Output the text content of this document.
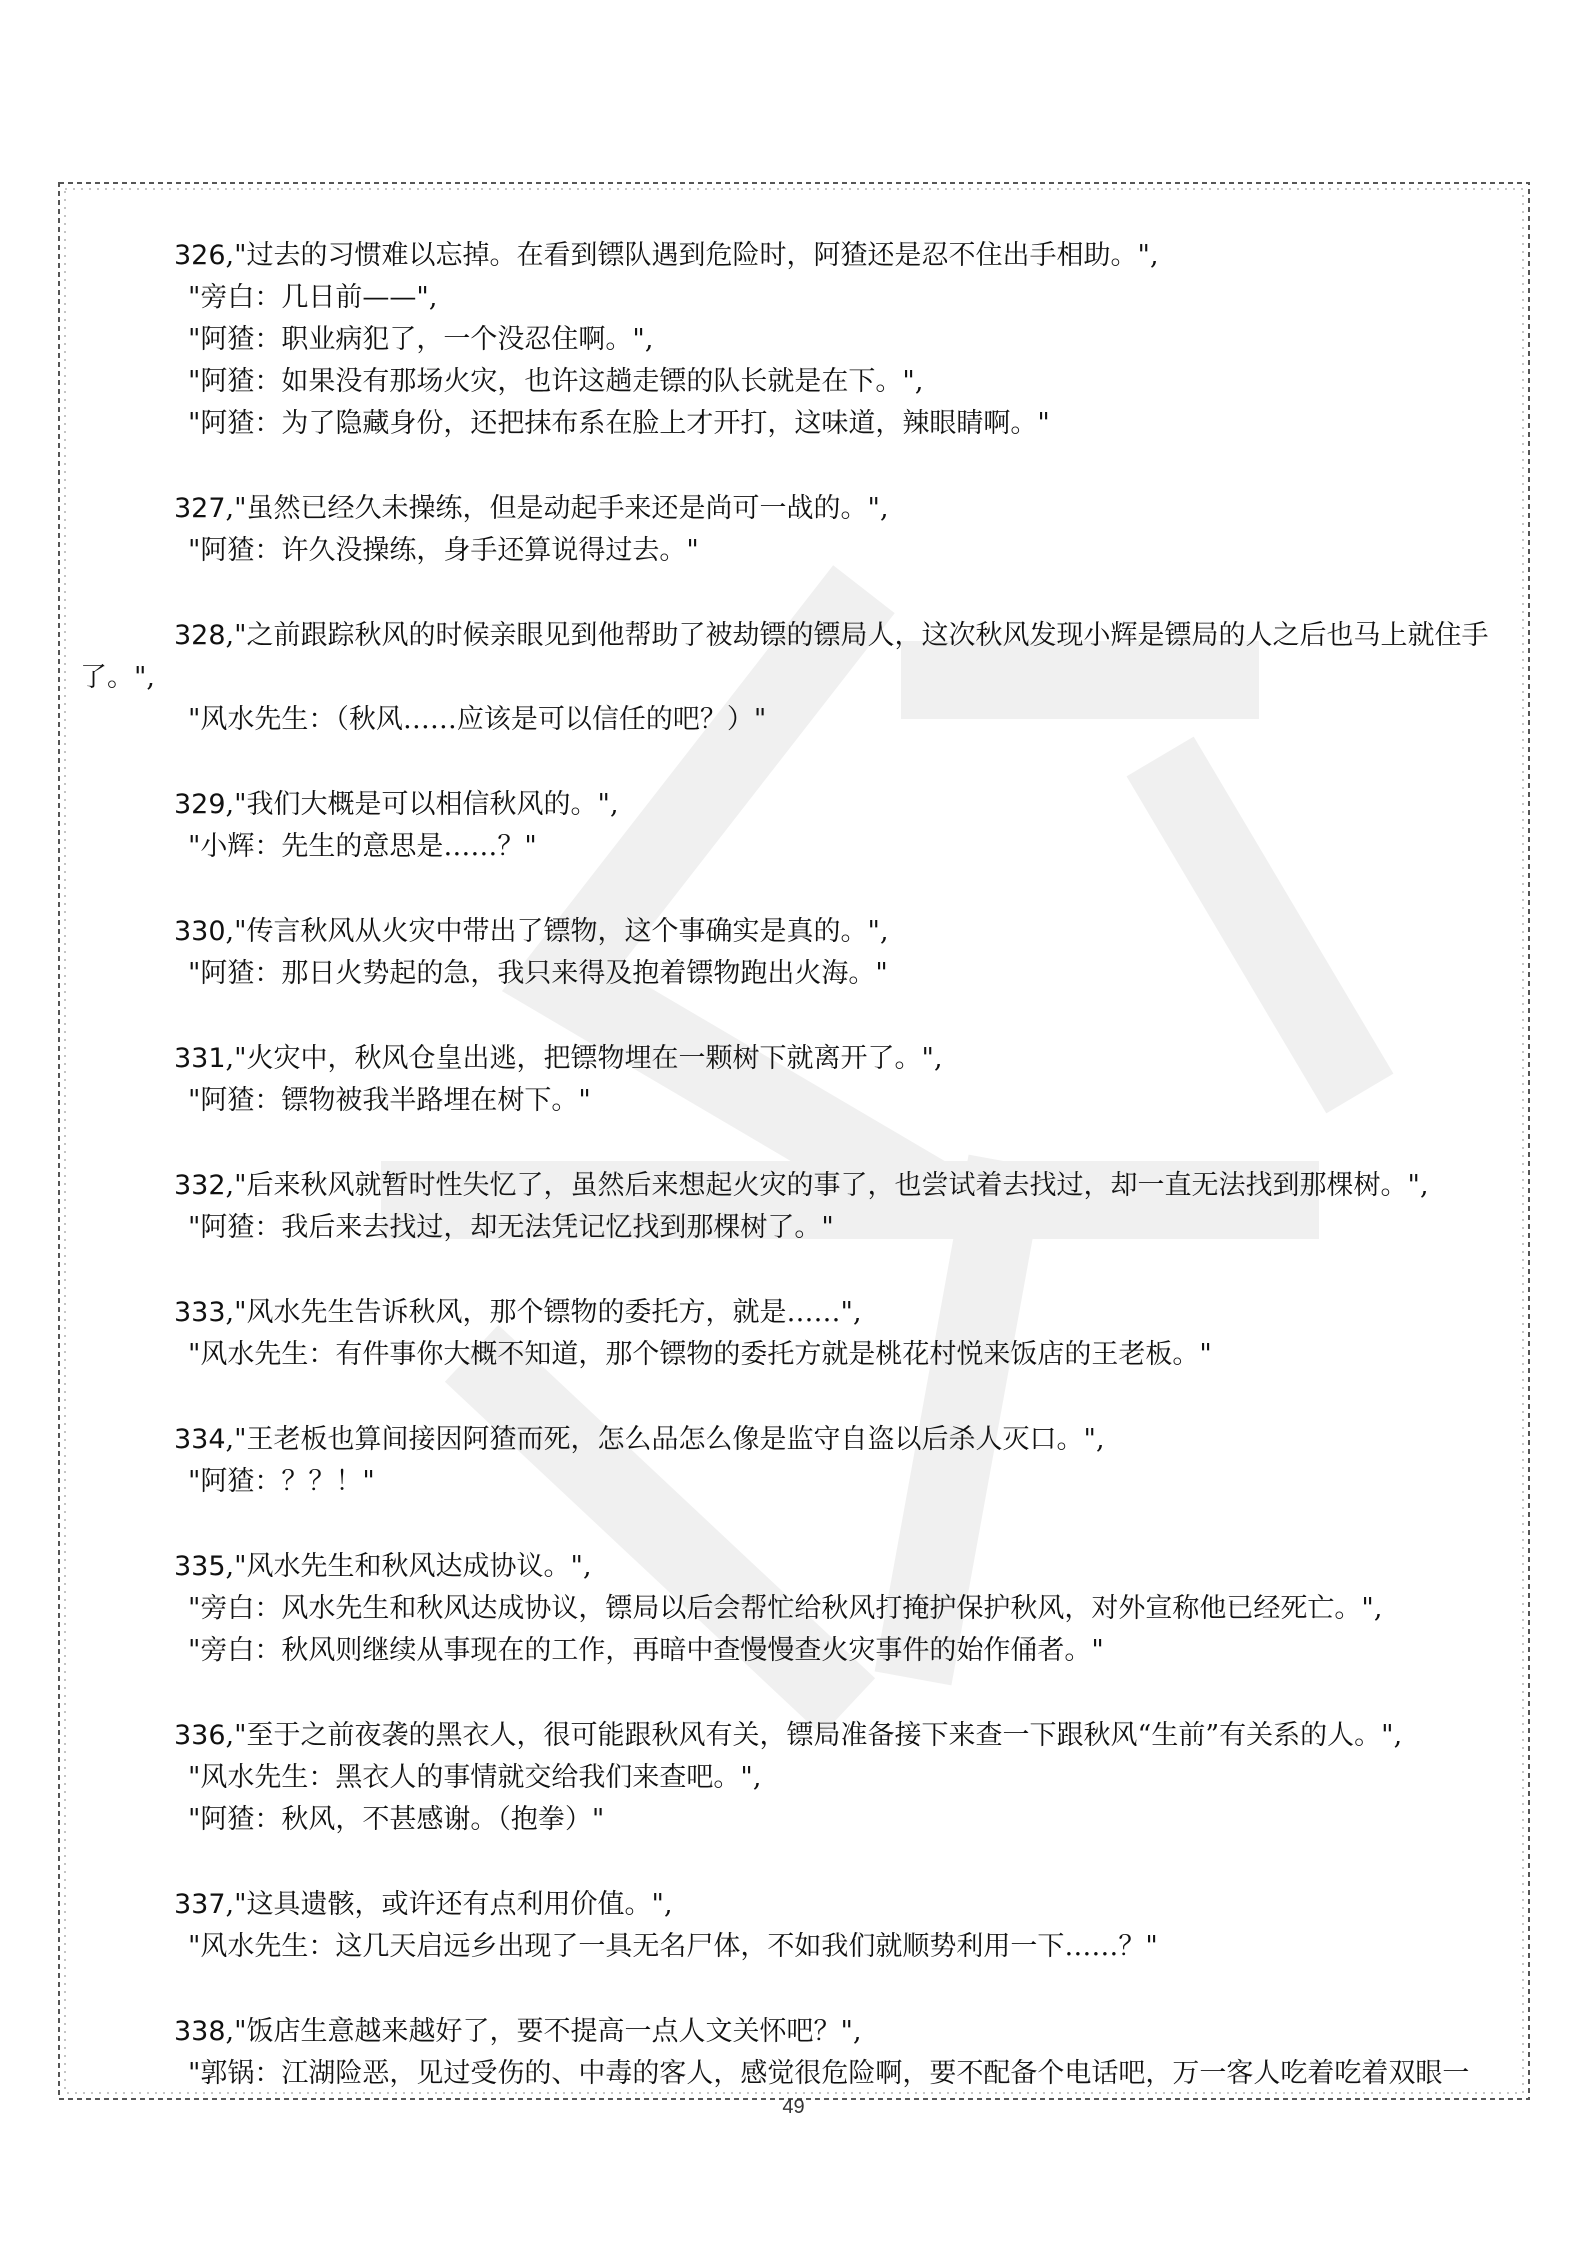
326,"过去的习惯难以忘掉。在看到镖队遇到危险时，阿猹还是忍不住出手相助。",
"旁白：几日前——",
"阿猹：职业病犯了，一个没忍住啊。",
"阿猹：如果没有那场火灾，也许这趟走镖的队长就是在下。",
"阿猹：为了隐藏身份，还把抹布系在脸上才开打，这味道，辣眼睛啊。"
327,"虽然已经久未操练，但是动起手来还是尚可一战的。",
"阿猹：许久没操练，身手还算说得过去。"
328,"之前跟踪秋风的时候亲眼见到他帮助了被劫镖的镖局人，这次秋风发现小辉是镖局的人之后也马上就住手了。",
"风水先生：（秋风……应该是可以信任的吧？）"
329,"我们大概是可以相信秋风的。",
"小辉：先生的意思是……？"
330,"传言秋风从火灾中带出了镖物，这个事确实是真的。",
"阿猹：那日火势起的急，我只来得及抱着镖物跑出火海。"
331,"火灾中，秋风仓皇出逃，把镖物埋在一颗树下就离开了。",
"阿猹：镖物被我半路埋在树下。"
332,"后来秋风就暂时性失忆了，虽然后来想起火灾的事了，也尝试着去找过，却一直无法找到那棵树。",
"阿猹：我后来去找过，却无法凭记忆找到那棵树了。"
333,"风水先生告诉秋风，那个镖物的委托方，就是……",
"风水先生：有件事你大概不知道，那个镖物的委托方就是桃花村悦来饭店的王老板。"
334,"王老板也算间接因阿猹而死，怎么品怎么像是监守自盗以后杀人灭口。",
"阿猹：？？！"
335,"风水先生和秋风达成协议。",
"旁白：风水先生和秋风达成协议，镖局以后会帮忙给秋风打掩护保护秋风，对外宣称他已经死亡。",
"旁白：秋风则继续从事现在的工作，再暗中查慢慢查火灾事件的始作俑者。"
336,"至于之前夜袭的黑衣人，很可能跟秋风有关，镖局准备接下来查一下跟秋风“生前”有关系的人。",
"风水先生：黑衣人的事情就交给我们来查吧。",
"阿猹：秋风，不甚感谢。（抱拳）"
337,"这具遗骸，或许还有点利用价值。",
"风水先生：这几天启远乡出现了一具无名尸体，不如我们就顺势利用一下……？"
338,"饭店生意越来越好了，要不提高一点人文关怀吧？",
"郭锅：江湖险恶，见过受伤的、中毒的客人，感觉很危险啊，要不配备个电话吧，万一客人吃着吃着双眼一
49
